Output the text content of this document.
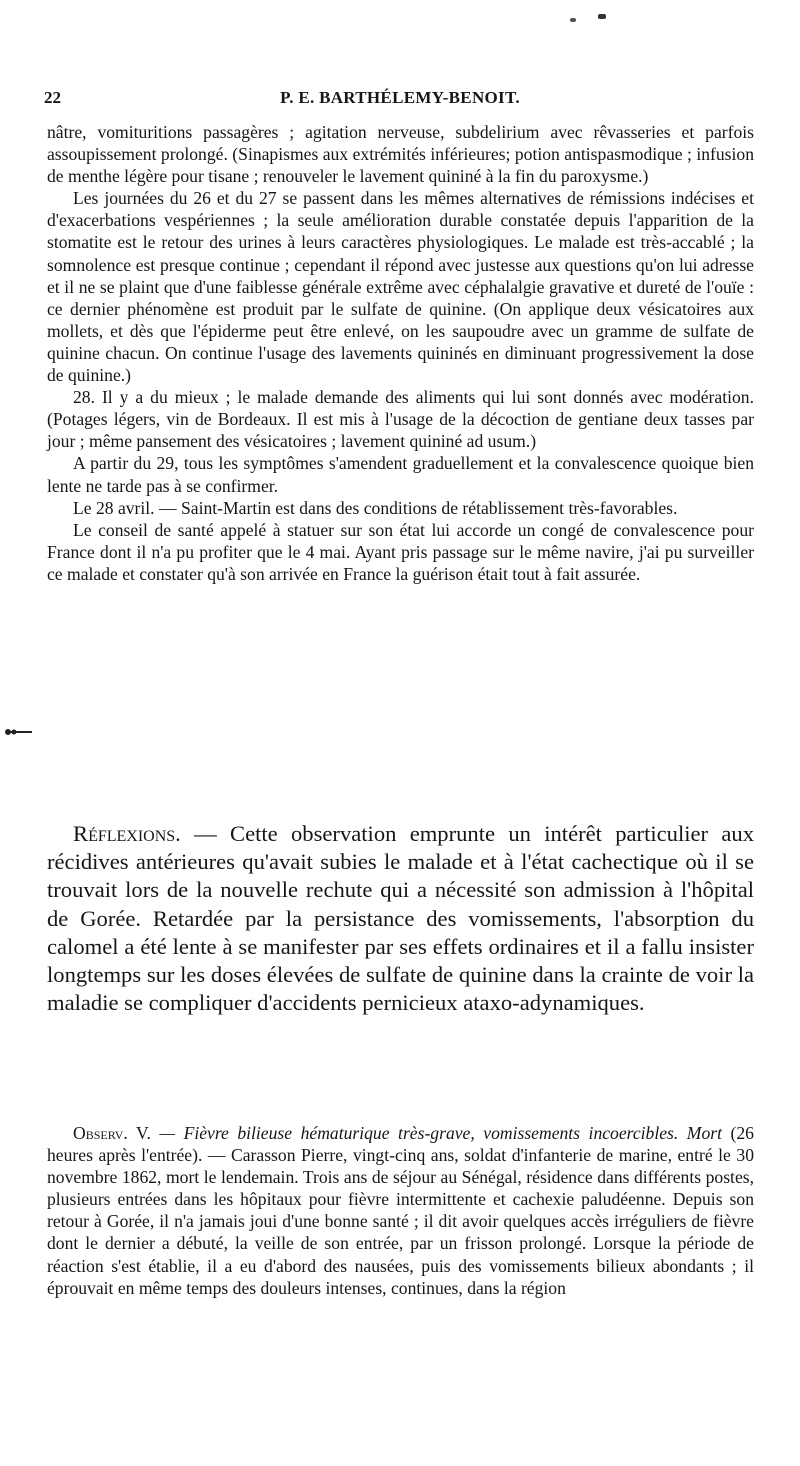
22	P. E. BARTHÉLEMY-BENOIT.

nâtre, vomituritions passagères ; agitation nerveuse, subdelirium avec rêvasseries et parfois assoupissement prolongé. (Sinapismes aux extrémités inférieures; potion antispasmodique ; infusion de menthe légère pour tisane ; renouveler le lavement quininé à la fin du paroxysme.)

Les journées du 26 et du 27 se passent dans les mêmes alternatives de rémissions indécises et d'exacerbations vespériennes ; la seule amélioration durable constatée depuis l'apparition de la stomatite est le retour des urines à leurs caractères physiologiques. Le malade est très-accablé ; la somnolence est presque continue ; cependant il répond avec justesse aux questions qu'on lui adresse et il ne se plaint que d'une faiblesse générale extrême avec céphalalgie gravative et dureté de l'ouïe : ce dernier phénomène est produit par le sulfate de quinine. (On applique deux vésicatoires aux mollets, et dès que l'épiderme peut être enlevé, on les saupoudre avec un gramme de sulfate de quinine chacun. On continue l'usage des lavements quininés en diminuant progressivement la dose de quinine.)

28. Il y a du mieux ; le malade demande des aliments qui lui sont donnés avec modération. (Potages légers, vin de Bordeaux. Il est mis à l'usage de la décoction de gentiane deux tasses par jour ; même pansement des vésicatoires ; lavement quininé ad usum.)

A partir du 29, tous les symptômes s'amendent graduellement et la convalescence quoique bien lente ne tarde pas à se confirmer.

Le 28 avril. — Saint-Martin est dans des conditions de rétablissement très-favorables.

Le conseil de santé appelé à statuer sur son état lui accorde un congé de convalescence pour France dont il n'a pu profiter que le 4 mai. Ayant pris passage sur le même navire, j'ai pu surveiller ce malade et constater qu'à son arrivée en France la guérison était tout à fait assurée.

Réflexions. — Cette observation emprunte un intérêt particulier aux récidives antérieures qu'avait subies le malade et à l'état cachectique où il se trouvait lors de la nouvelle rechute qui a nécessité son admission à l'hôpital de Gorée. Retardée par la persistance des vomissements, l'absorption du calomel a été lente à se manifester par ses effets ordinaires et il a fallu insister longtemps sur les doses élevées de sulfate de quinine dans la crainte de voir la maladie se compliquer d'accidents pernicieux ataxo-adynamiques.

Observ. V. — Fièvre bilieuse hématurique très-grave, vomissements incoercibles. Mort (26 heures après l'entrée). — Carasson Pierre, vingt-cinq ans, soldat d'infanterie de marine, entré le 30 novembre 1862, mort le lendemain. Trois ans de séjour au Sénégal, résidence dans différents postes, plusieurs entrées dans les hôpitaux pour fièvre intermittente et cachexie paludéenne. Depuis son retour à Gorée, il n'a jamais joui d'une bonne santé ; il dit avoir quelques accès irréguliers de fièvre dont le dernier a débuté, la veille de son entrée, par un frisson prolongé. Lorsque la période de réaction s'est établie, il a eu d'abord des nausées, puis des vomissements bilieux abondants ; il éprouvait en même temps des douleurs intenses, continues, dans la région
